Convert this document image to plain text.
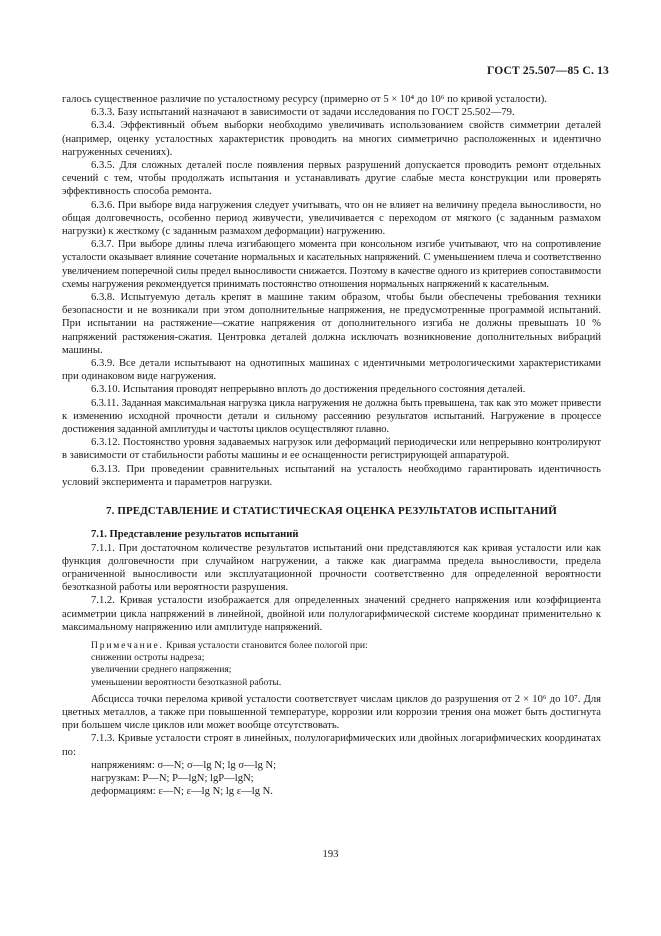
ГОСТ 25.507—85 С. 13

галось существенное различие по усталостному ресурсу (примерно от 5 × 10⁴ до 10⁶ по кривой усталости).

6.3.3. Базу испытаний назначают в зависимости от задачи исследования по ГОСТ 25.502—79.

6.3.4. Эффективный объем выборки необходимо увеличивать использованием свойств симметрии деталей (например, оценку усталостных характеристик проводить на многих симметрично расположенных и идентично нагруженных сечениях).

6.3.5. Для сложных деталей после появления первых разрушений допускается проводить ремонт отдельных сечений с тем, чтобы продолжать испытания и устанавливать другие слабые места конструкции или проверять эффективность способа ремонта.

6.3.6. При выборе вида нагружения следует учитывать, что он не влияет на величину предела выносливости, но общая долговечность, особенно период живучести, увеличивается с переходом от мягкого (с заданным размахом нагрузки) к жесткому (с заданным размахом деформации) нагружению.

6.3.7. При выборе длины плеча изгибающего момента при консольном изгибе учитывают, что на сопротивление усталости оказывает влияние сочетание нормальных и касательных напряжений. С уменьшением плеча и соответственно увеличением поперечной силы предел выносливости снижается. Поэтому в качестве одного из критериев сопоставимости схемы нагружения рекомендуется принимать постоянство отношения нормальных напряжений к касательным.

6.3.8. Испытуемую деталь крепят в машине таким образом, чтобы были обеспечены требования техники безопасности и не возникали при этом дополнительные напряжения, не предусмотренные программой испытаний. При испытании на растяжение—сжатие напряжения от дополнительного изгиба не должны превышать 10 % напряжений растяжения-сжатия. Центровка деталей должна исключать возникновение дополнительных вибраций машины.

6.3.9. Все детали испытывают на однотипных машинах с идентичными метрологическими характеристиками при одинаковом виде нагружения.

6.3.10. Испытания проводят непрерывно вплоть до достижения предельного состояния деталей.

6.3.11. Заданная максимальная нагрузка цикла нагружения не должна быть превышена, так как это может привести к изменению исходной прочности детали и сильному рассеянию результатов испытаний. Нагружение в процессе достижения заданной амплитуды и частоты циклов осуществляют плавно.

6.3.12. Постоянство уровня задаваемых нагрузок или деформаций периодически или непрерывно контролируют в зависимости от стабильности работы машины и ее оснащенности регистрирующей аппаратурой.

6.3.13. При проведении сравнительных испытаний на усталость необходимо гарантировать идентичность условий эксперимента и параметров нагрузки.

7. ПРЕДСТАВЛЕНИЕ И СТАТИСТИЧЕСКАЯ ОЦЕНКА РЕЗУЛЬТАТОВ ИСПЫТАНИЙ

7.1. Представление результатов испытаний

7.1.1. При достаточном количестве результатов испытаний они представляются как кривая усталости или как функция долговечности при случайном нагружении, а также как диаграмма предела выносливости, предела ограниченной выносливости или эксплуатационной прочности соответственно для определенной вероятности безотказной работы или вероятности разрушения.

7.1.2. Кривая усталости изображается для определенных значений среднего напряжения или коэффициента асимметрии цикла напряжений в линейной, двойной или полулогарифмической системе координат применительно к максимальному напряжению или амплитуде напряжений.

Примечание. Кривая усталости становится более пологой при:

снижении остроты надреза;

увеличении среднего напряжения;

уменьшении вероятности безотказной работы.

Абсцисса точки перелома кривой усталости соответствует числам циклов до разрушения от 2 × 10⁶ до 10⁷. Для цветных металлов, а также при повышенной температуре, коррозии или коррозии трения она может быть достигнута при большем числе циклов или может вообще отсутствовать.

7.1.3. Кривые усталости строят в линейных, полулогарифмических или двойных логарифмических координатах по:

напряжениям: σ—N; σ—lg N; lg σ—lg N;

нагрузкам: P—N; P—lgN; lgP—lgN;

деформациям: ε—N; ε—lg N; lg ε—lg N.

193
